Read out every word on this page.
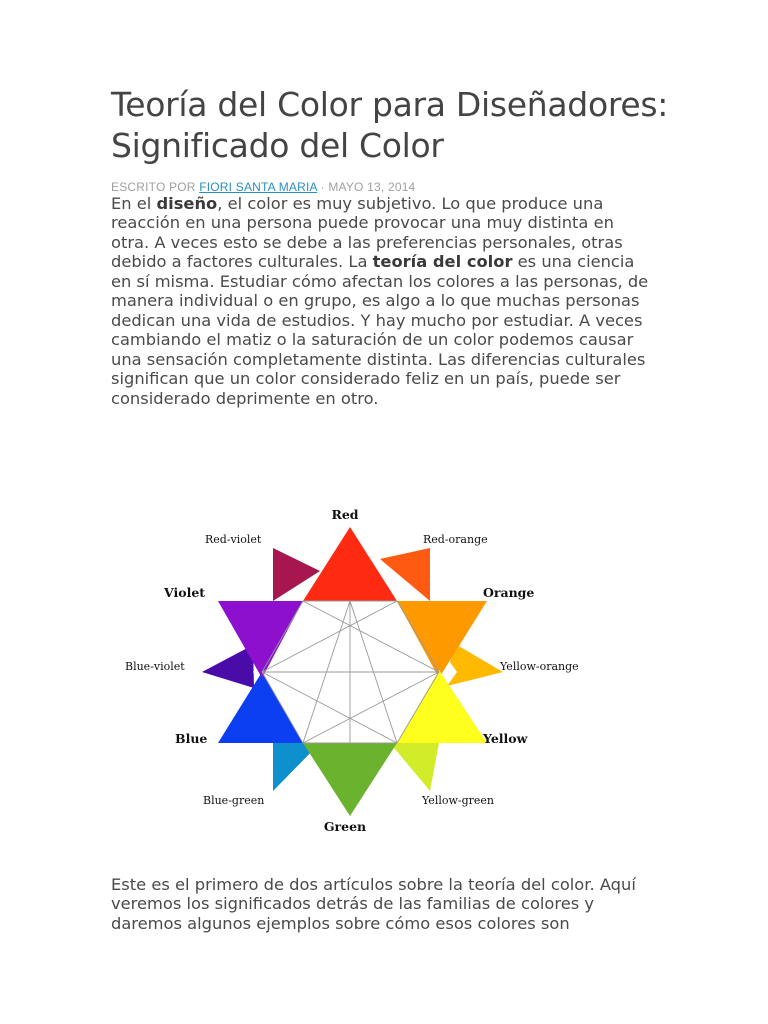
Teoría del Color para Diseñadores:
Significado del Color
ESCRITO POR FIORI SANTA MARIA · MAYO 13, 2014

En el diseño, el color es muy subjetivo. Lo que produce una reacción en una persona puede provocar una muy distinta en otra. A veces esto se debe a las preferencias personales, otras debido a factores culturales. La teoría del color es una ciencia en sí misma. Estudiar cómo afectan los colores a las personas, de manera individual o en grupo, es algo a lo que muchas personas dedican una vida de estudios. Y hay mucho por estudiar. A veces cambiando el matiz o la saturación de un color podemos causar una sensación completamente distinta. Las diferencias culturales significan que un color considerado feliz en un país, puede ser considerado deprimente en otro.

Red
Red-orange
Orange
Yellow-orange
Yellow
Yellow-green
Green
Blue-green
Blue
Blue-violet
Violet
Red-violet

Este es el primero de dos artículos sobre la teoría del color. Aquí veremos los significados detrás de las familias de colores y daremos algunos ejemplos sobre cómo esos colores son
